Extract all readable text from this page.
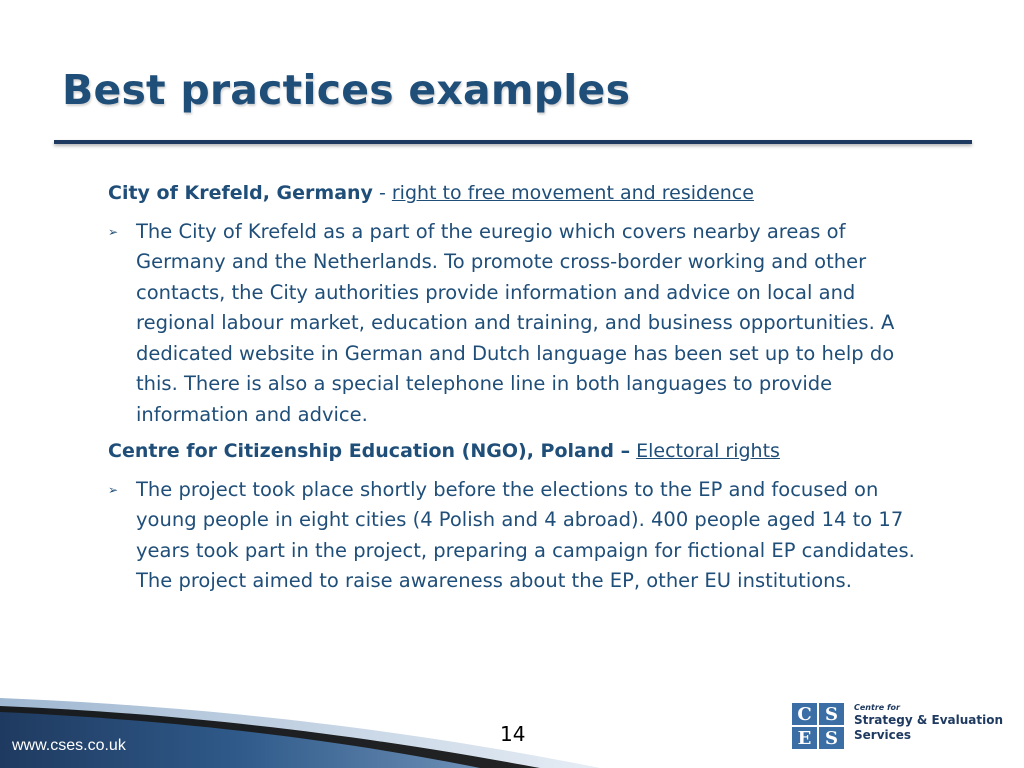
Best practices examples
City of Krefeld, Germany - right to free movement and residence
➢ The City of Krefeld as a part of the euregio which covers nearby areas of Germany and the Netherlands. To promote cross-border working and other contacts, the City authorities provide information and advice on local and regional labour market, education and training, and business opportunities. A dedicated website in German and Dutch language has been set up to help do this. There is also a special telephone line in both languages to provide information and advice.
Centre for Citizenship Education (NGO), Poland – Electoral rights
➢ The project took place shortly before the elections to the EP and focused on young people in eight cities (4 Polish and 4 abroad). 400 people aged 14 to 17 years took part in the project, preparing a campaign for fictional EP candidates. The project aimed to raise awareness about the EP, other EU institutions.
www.cses.co.uk	14
C S
E S
Centre for
Strategy & Evaluation
Services
